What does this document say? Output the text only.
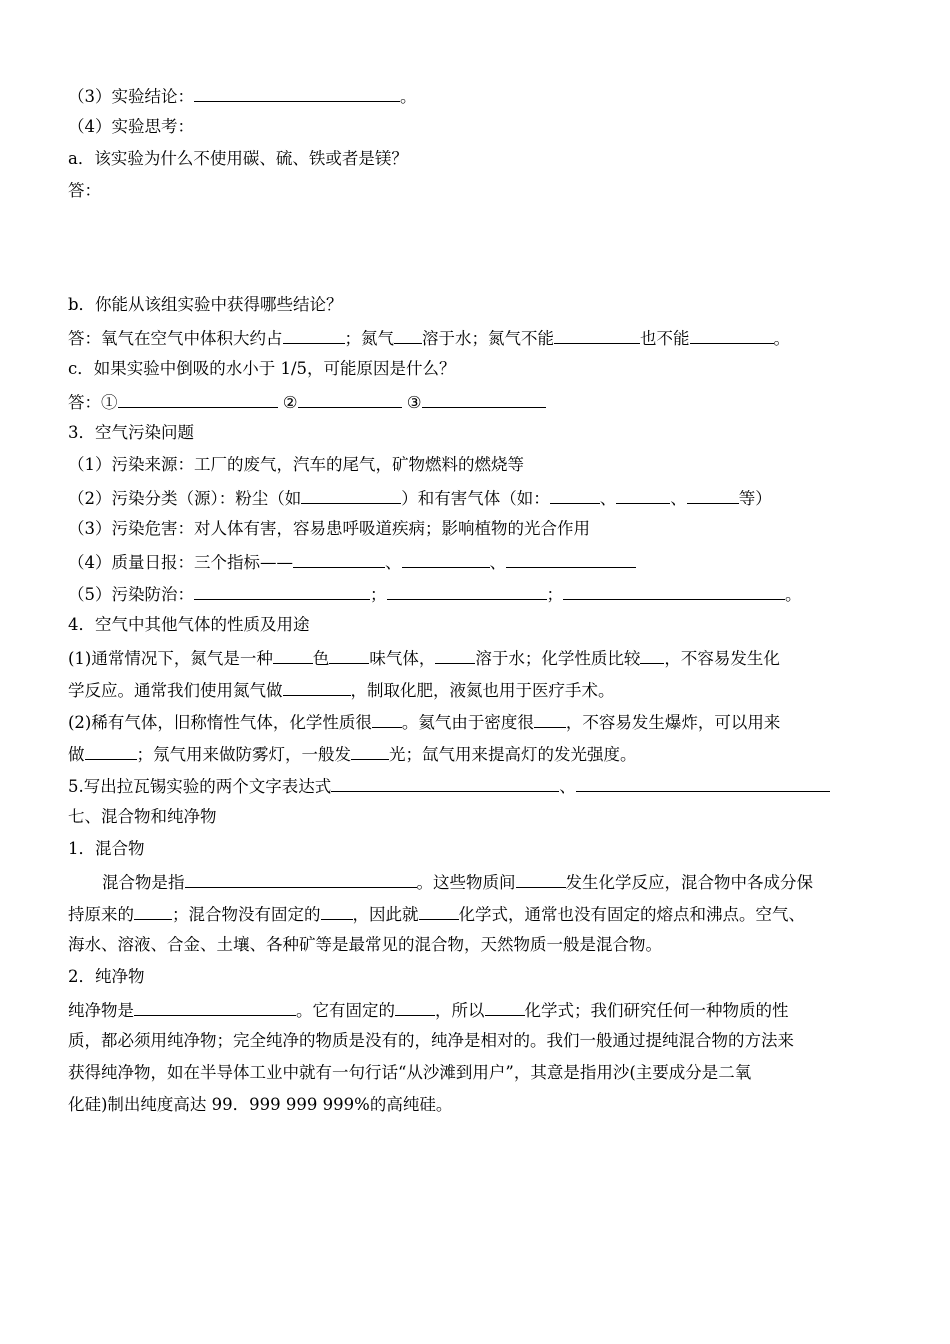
（3）实验结论：	。
（4）实验思考：
a．该实验为什么不使用碳、硫、铁或者是镁？
答：
b．你能从该组实验中获得哪些结论？
答：氧气在空气中体积大约占	；氮气 溶于水；氮气不能	也不能	。
c．如果实验中倒吸的水小于 1/5，可能原因是什么？
答：①	②	③
3．空气污染问题
（1）污染来源：工厂的废气，汽车的尾气，矿物燃料的燃烧等
（2）污染分类（源）：粉尘（如	）和有害气体（如：	、	、	等）
（3）污染危害：对人体有害，容易患呼吸道疾病；影响植物的光合作用
（4）质量日报：三个指标——	、	、
（5）污染防治：	；	；	。
4．空气中其他气体的性质及用途
(1)通常情况下，氮气是一种 色 味气体， 溶于水；化学性质比较 ，不容易发生化
学反应。通常我们使用氮气做	，制取化肥，液氮也用于医疗手术。
(2)稀有气体，旧称惰性气体，化学性质很 。氦气由于密度很 ，不容易发生爆炸，可以用来
做	；氖气用来做防雾灯，一般发 光；氙气用来提高灯的发光强度。
5.写出拉瓦锡实验的两个文字表达式	、
七、混合物和纯净物
1．混合物
混合物是指	。这些物质间	发生化学反应，混合物中各成分保
持原来的 ；混合物没有固定的 ，因此就 化学式，通常也没有固定的熔点和沸点。空气、
海水、溶液、合金、土壤、各种矿等是最常见的混合物，天然物质一般是混合物。
2．纯净物
纯净物是	。它有固定的 ，所以 化学式；我们研究任何一种物质的性
质，都必须用纯净物；完全纯净的物质是没有的，纯净是相对的。我们一般通过提纯混合物的方法来
获得纯净物，如在半导体工业中就有一句行话“从沙滩到用户”，其意是指用沙(主要成分是二氧
化硅)制出纯度高达 99．999 999 999%的高纯硅。
